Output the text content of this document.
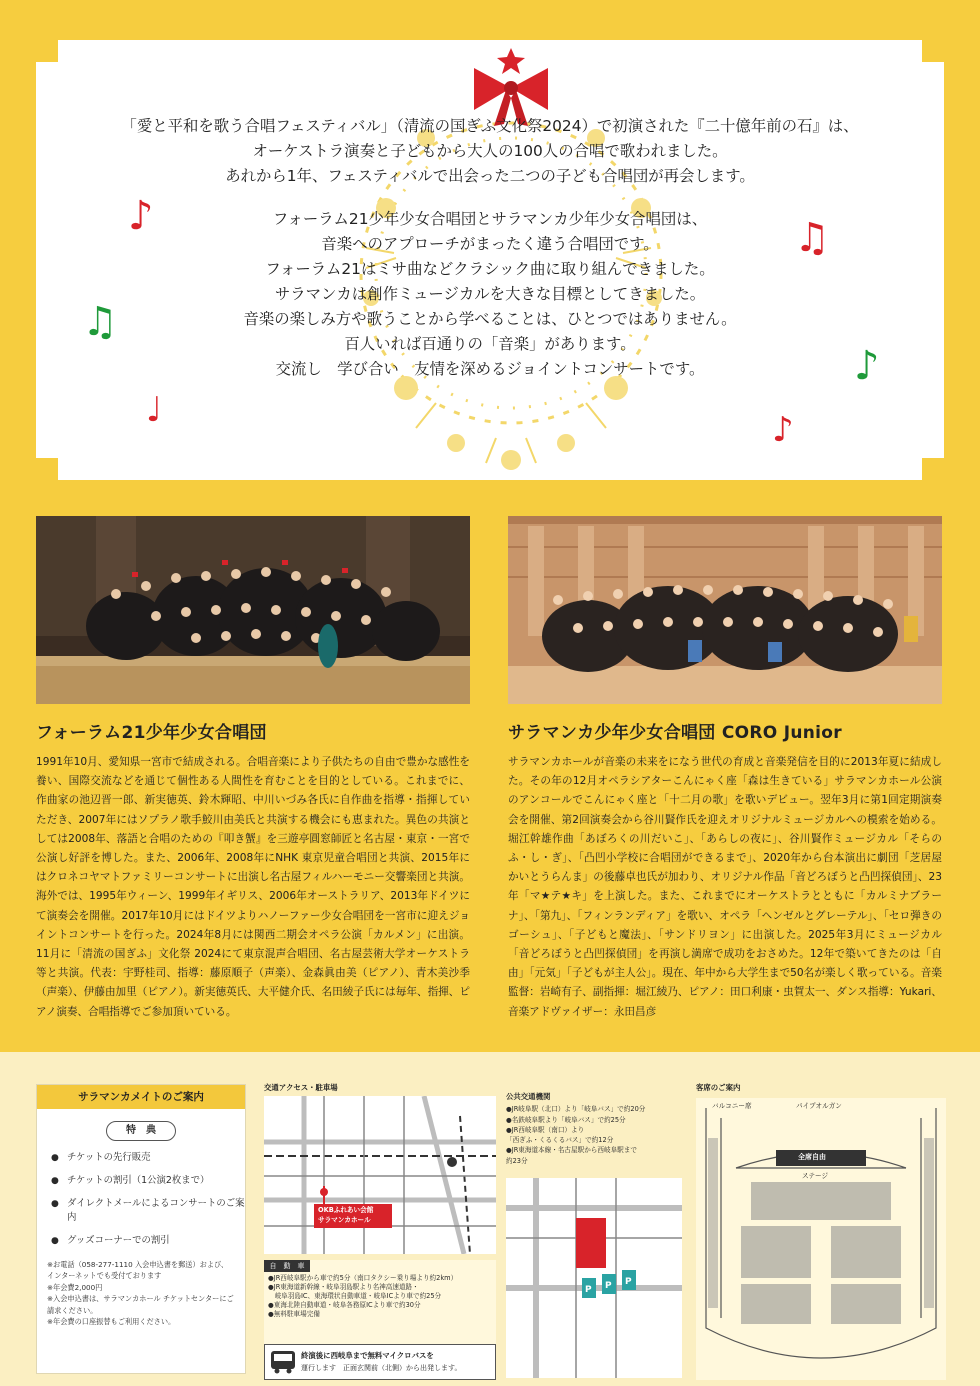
「愛と平和を歌う合唱フェスティバル」（清流の国ぎふ文化祭2024）で初演された『二十億年前の石』は、
オーケストラ演奏と子どもから大人の100人の合唱で歌われました。
あれから1年、フェスティバルで出会った二つの子ども合唱団が再会します。
フォーラム21少年少女合唱団とサラマンカ少年少女合唱団は、
音楽へのアプローチがまったく違う合唱団です。
フォーラム21はミサ曲などクラシック曲に取り組んできました。
サラマンカは創作ミュージカルを大きな目標としてきました。
音楽の楽しみ方や歌うことから学べることは、ひとつではありません。
百人いれば百通りの「音楽」があります。
交流し　学び合い　友情を深めるジョイントコンサートです。
♪
♫
♩
♫
♪
♪
フォーラム21少年少女合唱団

1991年10月、愛知県一宮市で結成される。合唱音楽により子供たちの自由で豊かな感性を養い、国際交流などを通じて個性ある人間性を育むことを目的としている。これまでに、作曲家の池辺晋一郎、新実徳英、鈴木輝昭、中川いづみ各氏に自作曲を指導・指揮していただき、2007年にはソプラノ歌手鮫川由美氏と共演する機会にも恵まれた。異色の共演としては2008年、落語と合唱のための『叩き蟹』を三遊亭圓窓師匠と名古屋・東京・一宮で公演し好評を博した。また、2006年、2008年にNHK 東京児童合唱団と共演、2015年にはクロネコヤマトファミリーコンサートに出演し名古屋フィルハーモニー交響楽団と共演。海外では、1995年ウィーン、1999年イギリス、2006年オーストラリア、2013年ドイツにて演奏会を開催。2017年10月にはドイツよりハノーファー少女合唱団を一宮市に迎えジョイントコンサートを行った。2024年8月には関西二期会オペラ公演「カルメン」に出演。11月に「清流の国ぎふ」文化祭 2024にて東京混声合唱団、名古屋芸術大学オーケストラ等と共演。代表：宇野桂司、指導：藤原順子（声楽）、金森眞由美（ピアノ）、青木美沙季（声楽）、伊藤由加里（ピアノ）。新実徳英氏、大平健介氏、名田綾子氏には毎年、指揮、ピアノ演奏、合唱指導でご参加頂いている。

サラマンカ少年少女合唱団 CORO Junior

サラマンカホールが音楽の未来をになう世代の育成と音楽発信を目的に2013年夏に結成した。その年の12月オペラシアターこんにゃく座「森は生きている」サラマンカホール公演のアンコールでこんにゃく座と「十二月の歌」を歌いデビュー。翌年3月に第1回定期演奏会を開催、第2回演奏会から谷川賢作氏を迎えオリジナルミュージカルへの模索を始める。堀江幹雄作曲「あぼろくの川だいこ」、「あらしの夜に」、谷川賢作ミュージカル「そらのふ・し・ぎ」、「凸凹小学校に合唱団ができるまで」、2020年から台本演出に劇団「芝居屋かいとうらんま」の後藤卓也氏が加わり、オリジナル作品「音どろぼうと凸凹探偵団」、23年「マ★テ★キ」を上演した。また、これまでにオーケストラとともに「カルミナブラーナ」、「第九」、「フィンランディア」を歌い、オペラ「ヘンゼルとグレーテル」、「セロ弾きのゴーシュ」、「子どもと魔法」、「サンドリヨン」に出演した。2025年3月にミュージカル「音どろぼうと凸凹探偵団」を再演し満席で成功をおさめた。12年で築いてきたのは「自由」「元気」「子どもが主人公」。現在、年中から大学生まで50名が楽しく歌っている。音楽監督：岩崎有子、副指揮：堀江綾乃、ピアノ：田口利康・虫賀太一、ダンス指導：Yukari、音楽アドヴァイザー：永田昌彦

サラマンカメイトのご案内
特　典
● チケットの先行販売
● チケットの割引（1公演2枚まで）
● ダイレクトメールによるコンサートのご案内
● グッズコーナーでの割引
※お電話（058-277-1110 入会申込書を郵送）および、インターネットでも受付ております
※年会費2,000円
※入会申込書は、サラマンカホール チケットセンターにご請求ください。
※年会費の口座振替もご利用ください。
交通アクセス・駐車場
OKBふれあい会館
サラマンカホール
自　動　車
●JR西岐阜駅から車で約5分（南口タクシー乗り場より約2km）
●JR東海道新幹線・岐阜羽島駅より名神高速道路・
　岐阜羽島IC、東海環状自動車道・岐阜ICより車で約25分
●東海北陸自動車道・岐阜各務原ICより車で約30分
●無料駐車場完備
終演後に西岐阜まで無料マイクロバスを
運行します　正面玄関前（北側）から出発します。
公共交通機関
●JR岐阜駅（北口）より「岐阜バス」で約20分
●名鉄岐阜駅より「岐阜バス」で約25分
●JR西岐阜駅（南口）より
「西ぎふ・くるくるバス」で約12分
●JR東海道本線・名古屋駅から西岐阜駅まで
約23分
P P P
客席のご案内
全席自由
ステージ
パイプオルガン
バルコニー席
